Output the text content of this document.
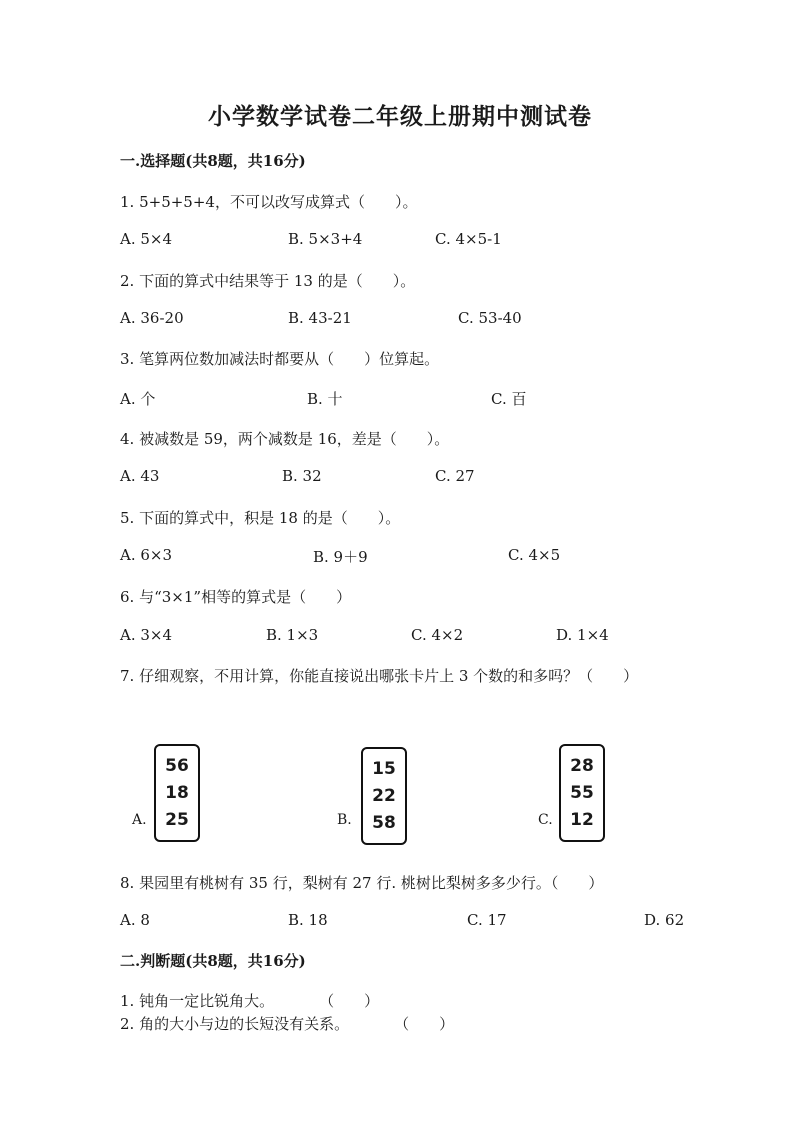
小学数学试卷二年级上册期中测试卷
一.选择题(共8题，共16分)
1. 5+5+5+4，不可以改写成算式（　　）。
A. 5×4	B. 5×3+4	C. 4×5-1
2. 下面的算式中结果等于 13 的是（　　）。
A. 36-20	B. 43-21	C. 53-40
3. 笔算两位数加减法时都要从（　　）位算起。
A. 个	B. 十	C. 百
4. 被减数是 59，两个减数是 16，差是（　　）。
A. 43	B. 32	C. 27
5. 下面的算式中，积是 18 的是（　　）。
A. 6×3	B. 9＋9	C. 4×5
6. 与“3×1”相等的算式是（　　）
A. 3×4	B. 1×3	C. 4×2	D. 1×4
7. 仔细观察，不用计算，你能直接说出哪张卡片上 3 个数的和多吗？（　　）
A.
56
18
25	B.
15
22
58	C.
28
55
12
8. 果园里有桃树有 35 行，梨树有 27 行. 桃树比梨树多多少行。（　　）
A. 8	B. 18	C. 17	D. 62
二.判断题(共8题，共16分)
1. 钝角一定比锐角大。　　　　（　　）
2. 角的大小与边的长短没有关系。　　　　（　　）
